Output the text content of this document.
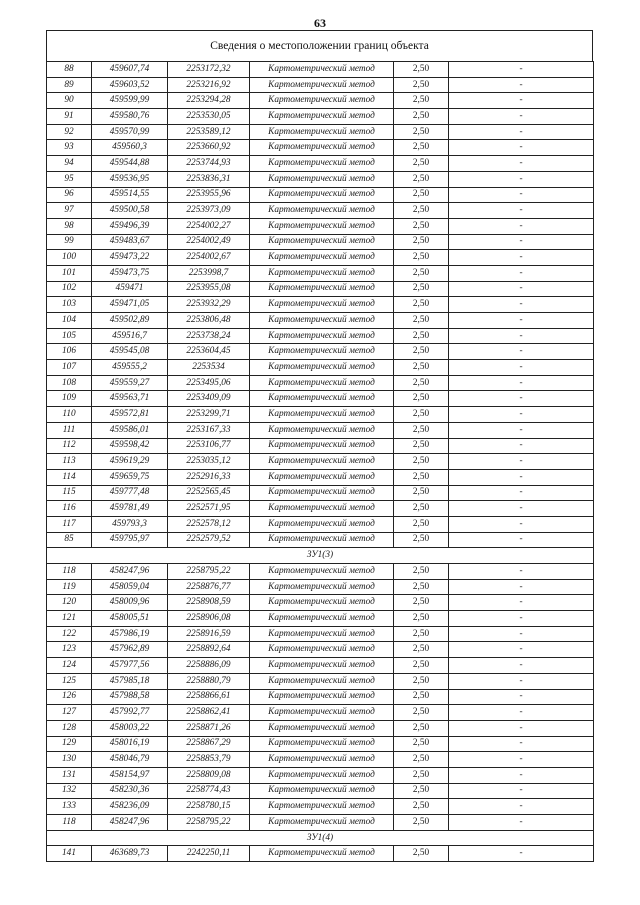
63
Сведения о местоположении границ объекта
88	459607,74	2253172,32	Картометрический метод	2,50	-
89	459603,52	2253216,92	Картометрический метод	2,50	-
90	459599,99	2253294,28	Картометрический метод	2,50	-
91	459580,76	2253530,05	Картометрический метод	2,50	-
92	459570,99	2253589,12	Картометрический метод	2,50	-
93	459560,3	2253660,92	Картометрический метод	2,50	-
94	459544,88	2253744,93	Картометрический метод	2,50	-
95	459536,95	2253836,31	Картометрический метод	2,50	-
96	459514,55	2253955,96	Картометрический метод	2,50	-
97	459500,58	2253973,09	Картометрический метод	2,50	-
98	459496,39	2254002,27	Картометрический метод	2,50	-
99	459483,67	2254002,49	Картометрический метод	2,50	-
100	459473,22	2254002,67	Картометрический метод	2,50	-
101	459473,75	2253998,7	Картометрический метод	2,50	-
102	459471	2253955,08	Картометрический метод	2,50	-
103	459471,05	2253932,29	Картометрический метод	2,50	-
104	459502,89	2253806,48	Картометрический метод	2,50	-
105	459516,7	2253738,24	Картометрический метод	2,50	-
106	459545,08	2253604,45	Картометрический метод	2,50	-
107	459555,2	2253534	Картометрический метод	2,50	-
108	459559,27	2253495,06	Картометрический метод	2,50	-
109	459563,71	2253409,09	Картометрический метод	2,50	-
110	459572,81	2253299,71	Картометрический метод	2,50	-
111	459586,01	2253167,33	Картометрический метод	2,50	-
112	459598,42	2253106,77	Картометрический метод	2,50	-
113	459619,29	2253035,12	Картометрический метод	2,50	-
114	459659,75	2252916,33	Картометрический метод	2,50	-
115	459777,48	2252565,45	Картометрический метод	2,50	-
116	459781,49	2252571,95	Картометрический метод	2,50	-
117	459793,3	2252578,12	Картометрический метод	2,50	-
85	459795,97	2252579,52	Картометрический метод	2,50	-
ЗУ1(3)					
118	458247,96	2258795,22	Картометрический метод	2,50	-
119	458059,04	2258876,77	Картометрический метод	2,50	-
120	458009,96	2258908,59	Картометрический метод	2,50	-
121	458005,51	2258906,08	Картометрический метод	2,50	-
122	457986,19	2258916,59	Картометрический метод	2,50	-
123	457962,89	2258892,64	Картометрический метод	2,50	-
124	457977,56	2258886,09	Картометрический метод	2,50	-
125	457985,18	2258880,79	Картометрический метод	2,50	-
126	457988,58	2258866,61	Картометрический метод	2,50	-
127	457992,77	2258862,41	Картометрический метод	2,50	-
128	458003,22	2258871,26	Картометрический метод	2,50	-
129	458016,19	2258867,29	Картометрический метод	2,50	-
130	458046,79	2258853,79	Картометрический метод	2,50	-
131	458154,97	2258809,08	Картометрический метод	2,50	-
132	458230,36	2258774,43	Картометрический метод	2,50	-
133	458236,09	2258780,15	Картометрический метод	2,50	-
118	458247,96	2258795,22	Картометрический метод	2,50	-
ЗУ1(4)					
141	463689,73	2242250,11	Картометрический метод	2,50	-
